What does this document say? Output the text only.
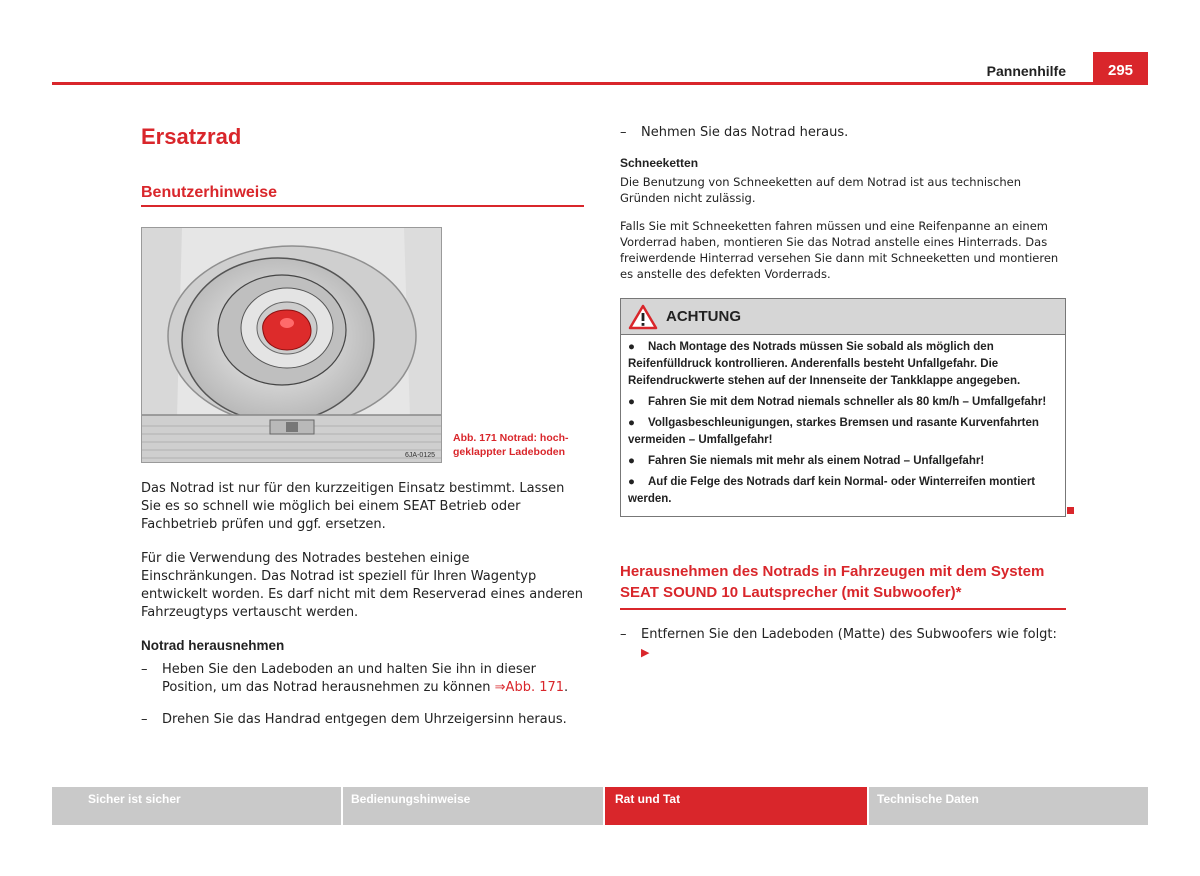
295
Pannenhilfe
Ersatzrad
Benutzerhinweise
6JA-0125
Abb. 171 Notrad: hoch-
geklappter Ladeboden

Das Notrad ist nur für den kurzzeitigen Einsatz bestimmt. Lassen Sie es so schnell wie möglich bei einem SEAT Betrieb oder Fachbetrieb prüfen und ggf. ersetzen.

Für die Verwendung des Notrades bestehen einige Einschränkungen. Das Notrad ist speziell für Ihren Wagentyp entwickelt worden. Es darf nicht mit dem Reserverad eines anderen Fahrzeugtyps vertauscht werden.

Notrad herausnehmen
– Heben Sie den Ladeboden an und halten Sie ihn in dieser Position, um das Notrad herausnehmen zu können ⇒Abb. 171.
– Drehen Sie das Handrad entgegen dem Uhrzeigersinn heraus.
– Nehmen Sie das Notrad heraus.
Schneeketten

Die Benutzung von Schneeketten auf dem Notrad ist aus technischen Gründen nicht zulässig.

Falls Sie mit Schneeketten fahren müssen und eine Reifenpanne an einem Vorderrad haben, montieren Sie das Notrad anstelle eines Hinterrads. Das freiwerdende Hinterrad versehen Sie dann mit Schneeketten und montieren es anstelle des defekten Vorderrads.

ACHTUNG
● Nach Montage des Notrads müssen Sie sobald als möglich den Reifenfülldruck kontrollieren. Anderenfalls besteht Unfallgefahr. Die Reifendruckwerte stehen auf der Innenseite der Tankklappe angegeben.
● Fahren Sie mit dem Notrad niemals schneller als 80 km/h – Umfallgefahr!
● Vollgasbeschleunigungen, starkes Bremsen und rasante Kurvenfahrten vermeiden – Umfallgefahr!
● Fahren Sie niemals mit mehr als einem Notrad – Unfallgefahr!
● Auf die Felge des Notrads darf kein Normal- oder Winterreifen montiert werden.
Herausnehmen des Notrads in Fahrzeugen mit dem System SEAT SOUND 10 Lautsprecher (mit Subwoofer)*
– Entfernen Sie den Ladeboden (Matte) des Subwoofers wie folgt: ▶
Sicher ist sicher	Bedienungshinweise	Rat und Tat	Technische Daten
